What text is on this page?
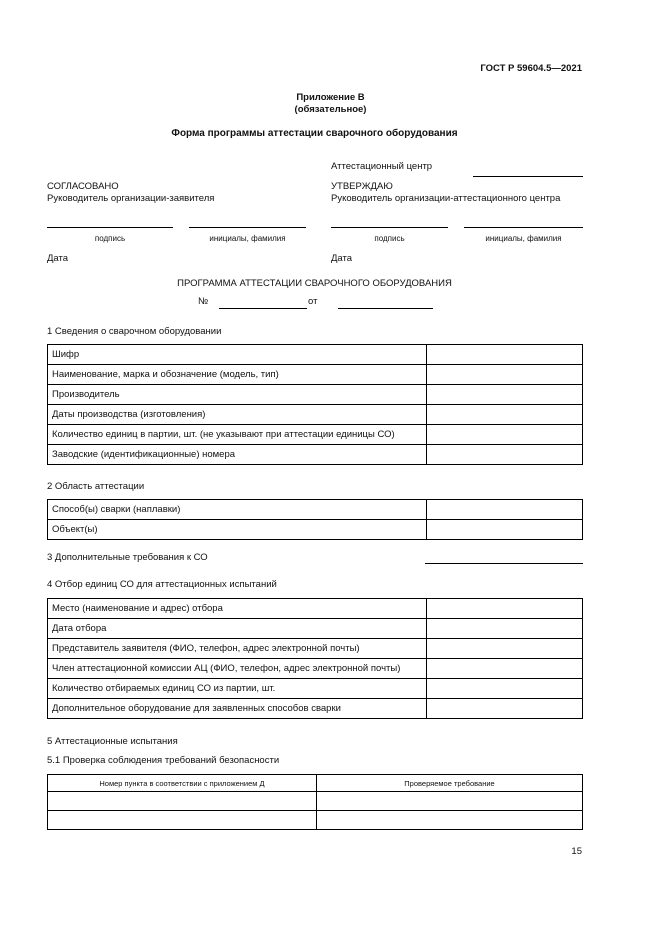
ГОСТ Р 59604.5—2021
Приложение В
(обязательное)
Форма программы аттестации сварочного оборудования
Аттестационный центр
СОГЛАСОВАНО
Руководитель организации-заявителя
подпись	инициалы, фамилия
Дата
УТВЕРЖДАЮ
Руководитель организации-аттестационного центра
подпись	инициалы, фамилия
Дата
ПРОГРАММА АТТЕСТАЦИИ СВАРОЧНОГО ОБОРУДОВАНИЯ
№	от
1 Сведения о сварочном оборудовании
Шифр	
Наименование, марка и обозначение (модель, тип)	
Производитель	
Даты производства (изготовления)	
Количество единиц в партии, шт. (не указывают при аттестации единицы СО)	
Заводские (идентификационные) номера	
2 Область аттестации
Способ(ы) сварки (наплавки)	
Объект(ы)	
3 Дополнительные требования к СО
4 Отбор единиц СО для аттестационных испытаний
Место (наименование и адрес) отбора	
Дата отбора	
Представитель заявителя (ФИО, телефон, адрес электронной почты)	
Член аттестационной комиссии АЦ (ФИО, телефон, адрес электронной почты)	
Количество отбираемых единиц СО из партии, шт.	
Дополнительное оборудование для заявленных способов сварки	
5 Аттестационные испытания
5.1 Проверка соблюдения требований безопасности
Номер пункта в соответствии с приложением Д	Проверяемое требование

15
